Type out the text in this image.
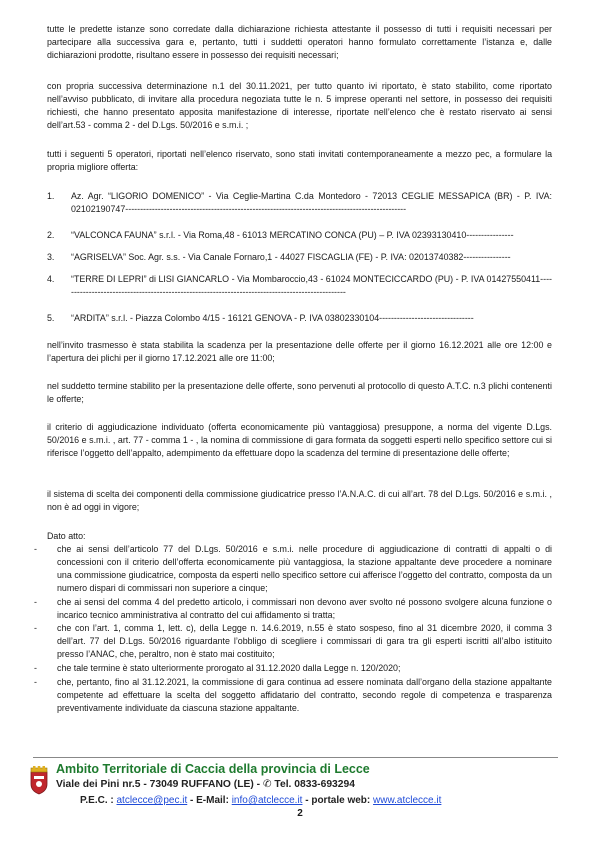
tutte le predette istanze sono corredate dalla dichiarazione richiesta attestante il possesso di tutti i requisiti necessari per partecipare alla successiva gara e, pertanto, tutti i suddetti operatori hanno formulato correttamente l’istanza e, dalle dichiarazioni prodotte, risultano essere in possesso dei requisiti necessari;

con propria successiva determinazione n.1 del 30.11.2021, per tutto quanto ivi riportato, è stato stabilito, come riportato nell’avviso pubblicato, di invitare alla procedura negoziata tutte le n. 5 imprese operanti nel settore, in possesso dei requisiti richiesti, che hanno presentato apposita manifestazione di interesse, riportate nell’elenco che è restato riservato ai sensi dell’art.53 - comma 2 - del D.Lgs. 50/2016 e s.m.i. ;

tutti i seguenti 5 operatori, riportati nell’elenco riservato, sono stati invitati contemporaneamente a mezzo pec, a formulare la propria migliore offerta:

1. Az. Agr. “LIGORIO DOMENICO” - Via Ceglie-Martina C.da Montedoro - 72013 CEGLIE MESSAPICA (BR) - P. IVA: 02102190747-----------------------------------------------------------------------------------------------
2. “VALCONCA FAUNA” s.r.l. - Via Roma,48 - 61013 MERCATINO CONCA (PU) – P. IVA 02393130410----------------
3. “AGRISELVA” Soc. Agr. s.s. - Via Canale Fornaro,1 - 44027 FISCAGLIA (FE) - P. IVA: 02013740382----------------
4. “TERRE DI LEPRI” di LISI GIANCARLO - Via Mombaroccio,43 - 61024 MONTECICCARDO (PU) - P. IVA 01427550411-------------------------------------------------------------------------------------------------
5. “ARDITA” s.r.l. - Piazza Colombo 4/15 - 16121 GENOVA - P. IVA 03802330104--------------------------------

nell’invito trasmesso è stata stabilita la scadenza per la presentazione delle offerte per il giorno 16.12.2021 alle ore 12:00 e l’apertura dei plichi per il giorno 17.12.2021 alle ore 11:00;

nel suddetto termine stabilito per la presentazione delle offerte, sono pervenuti al protocollo di questo A.T.C. n.3 plichi contenenti le offerte;

il criterio di aggiudicazione individuato (offerta economicamente più vantaggiosa) presuppone, a norma del vigente D.Lgs. 50/2016 e s.m.i. , art. 77 - comma 1 - , la nomina di commissione di gara formata da soggetti esperti nello specifico settore cui si riferisce l’oggetto dell’appalto, adempimento da effettuare dopo la scadenza del termine di presentazione delle offerte;

il sistema di scelta dei componenti della commissione giudicatrice presso l’A.N.A.C. di cui all’art. 78 del D.Lgs. 50/2016 e s.m.i. , non è ad oggi in vigore;

Dato atto:

- che ai sensi dell’articolo 77 del D.Lgs. 50/2016 e s.m.i. nelle procedure di aggiudicazione di contratti di appalti o di concessioni con il criterio dell’offerta economicamente più vantaggiosa, la stazione appaltante deve procedere a nominare una commissione giudicatrice, composta da esperti nello specifico settore cui afferisce l’oggetto del contratto, composta da un numero dispari di commissari non superiore a cinque;
- che ai sensi del comma 4 del predetto articolo, i commissari non devono aver svolto né possono svolgere alcuna funzione o incarico tecnico amministrativa al contratto del cui affidamento si tratta;
- che con l’art. 1, comma 1, lett. c), della Legge n. 14.6.2019, n.55 è stato sospeso, fino al 31 dicembre 2020, il comma 3 dell’art. 77 del D.Lgs. 50/2016 riguardante l’obbligo di scegliere i commissari di gara tra gli esperti iscritti all’albo istituito presso l’ANAC, che, peraltro, non è stato mai costituito;
- che tale termine è stato ulteriormente prorogato al 31.12.2020 dalla Legge n. 120/2020;
- che, pertanto, fino al 31.12.2021, la commissione di gara continua ad essere nominata dall’organo della stazione appaltante competente ad effettuare la scelta del soggetto affidatario del contratto, secondo regole di competenza e trasparenza preventivamente individuate da ciascuna stazione appaltante.
Ambito Territoriale di Caccia della provincia di Lecce
Viale dei Pini nr.5 - 73049 RUFFANO (LE) - ✆ Tel. 0833-693294
P.E.C. : atclecce@pec.it - E-Mail: info@atclecce.it - portale web: www.atclecce.it
2
